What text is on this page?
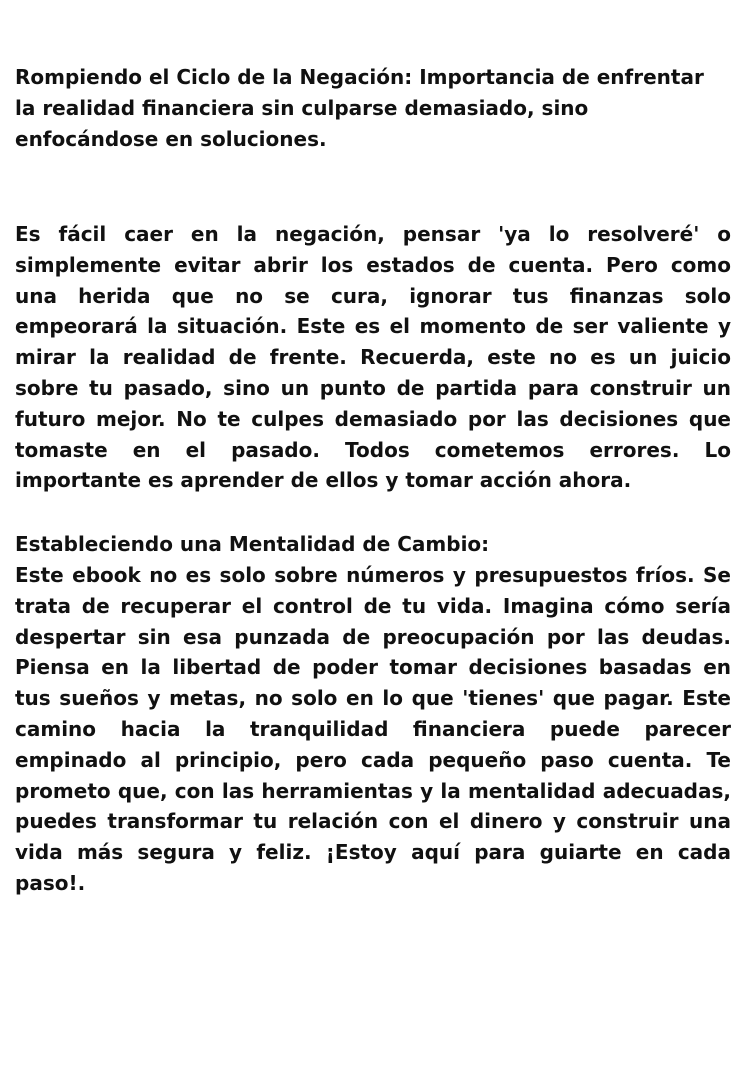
Rompiendo el Ciclo de la Negación: Importancia de enfrentar la realidad financiera sin culparse demasiado, sino enfocándose en soluciones.

Es fácil caer en la negación, pensar 'ya lo resolveré' o simplemente evitar abrir los estados de cuenta. Pero como una herida que no se cura, ignorar tus finanzas solo empeorará la situación. Este es el momento de ser valiente y mirar la realidad de frente. Recuerda, este no es un juicio sobre tu pasado, sino un punto de partida para construir un futuro mejor. No te culpes demasiado por las decisiones que tomaste en el pasado. Todos cometemos errores. Lo importante es aprender de ellos y tomar acción ahora.

Estableciendo una Mentalidad de Cambio:

Este ebook no es solo sobre números y presupuestos fríos. Se trata de recuperar el control de tu vida. Imagina cómo sería despertar sin esa punzada de preocupación por las deudas. Piensa en la libertad de poder tomar decisiones basadas en tus sueños y metas, no solo en lo que 'tienes' que pagar. Este camino hacia la tranquilidad financiera puede parecer empinado al principio, pero cada pequeño paso cuenta. Te prometo que, con las herramientas y la mentalidad adecuadas, puedes transformar tu relación con el dinero y construir una vida más segura y feliz. ¡Estoy aquí para guiarte en cada paso!.
